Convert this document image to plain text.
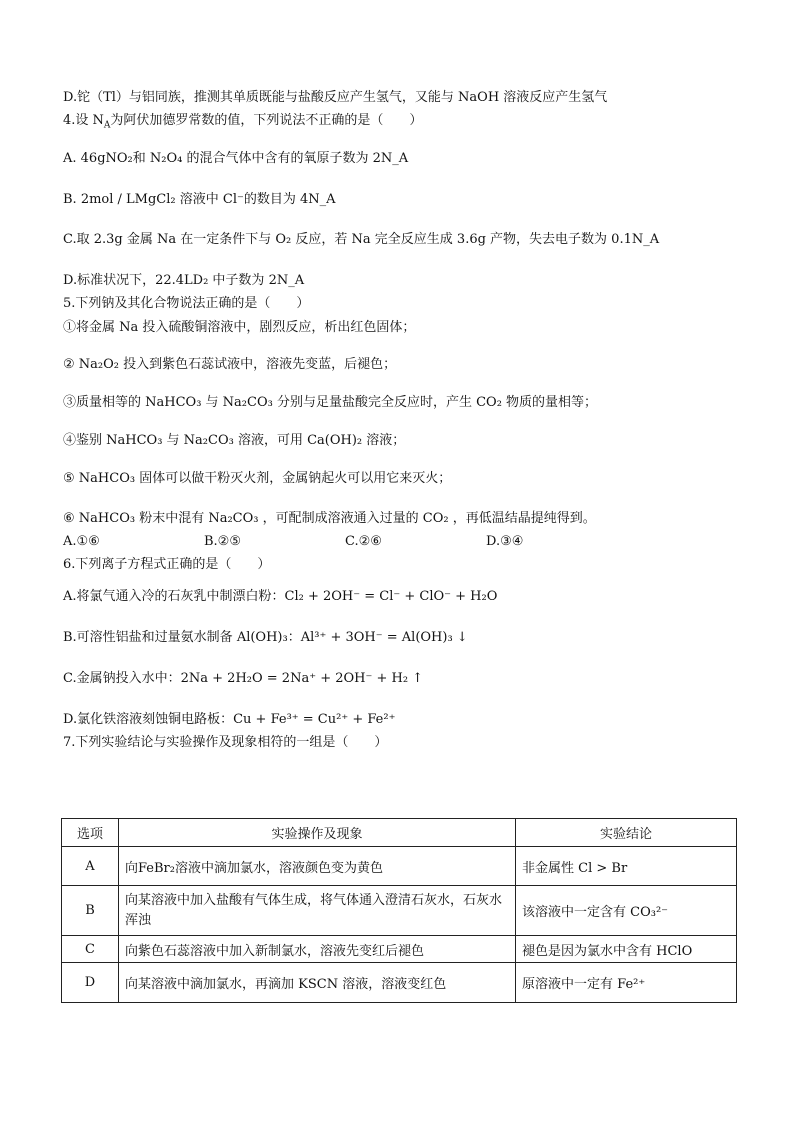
D.铊（Tl）与铝同族，推测其单质既能与盐酸反应产生氢气，又能与 NaOH 溶液反应产生氢气
4.设 $N_A$为阿伏加德罗常数的值，下列说法不正确的是（　　）
A. 46gNO₂和 N₂O₄ 的混合气体中含有的氧原子数为 2N_A
B. 2mol / LMgCl₂ 溶液中 Cl⁻的数目为 4N_A
C.取 2.3g 金属 Na 在一定条件下与 O₂ 反应，若 Na 完全反应生成 3.6g 产物，失去电子数为 0.1N_A
D.标准状况下，22.4LD₂ 中子数为 2N_A
5.下列钠及其化合物说法正确的是（　　）
①将金属 Na 投入硫酸铜溶液中，剧烈反应，析出红色固体；
② Na₂O₂ 投入到紫色石蕊试液中，溶液先变蓝，后褪色；
③质量相等的 NaHCO₃ 与 Na₂CO₃ 分别与足量盐酸完全反应时，产生 CO₂ 物质的量相等；
④鉴别 NaHCO₃ 与 Na₂CO₃ 溶液，可用 Ca(OH)₂ 溶液；
⑤ NaHCO₃ 固体可以做干粉灭火剂，金属钠起火可以用它来灭火；
⑥ NaHCO₃ 粉末中混有 Na₂CO₃ ，可配制成溶液通入过量的 CO₂ ，再低温结晶提纯得到。
A.①⑥	B.②⑤	C.②⑥	D.③④
6.下列离子方程式正确的是（　　）
A.将氯气通入冷的石灰乳中制漂白粉：Cl₂ + 2OH⁻ = Cl⁻ + ClO⁻ + H₂O
B.可溶性铝盐和过量氨水制备 Al(OH)₃：Al³⁺ + 3OH⁻ = Al(OH)₃ ↓
C.金属钠投入水中：2Na + 2H₂O = 2Na⁺ + 2OH⁻ + H₂ ↑
D.氯化铁溶液刻蚀铜电路板：Cu + Fe³⁺ = Cu²⁺ + Fe²⁺
7.下列实验结论与实验操作及现象相符的一组是（　　）
选项	实验操作及现象	实验结论
A	向FeBr₂溶液中滴加氯水，溶液颜色变为黄色	非金属性 Cl > Br
B	向某溶液中加入盐酸有气体生成，将气体通入澄清石灰水，石灰水浑浊	该溶液中一定含有 CO₃²⁻
C	向紫色石蕊溶液中加入新制氯水，溶液先变红后褪色	褪色是因为氯水中含有 HClO
D	向某溶液中滴加氯水，再滴加 KSCN 溶液，溶液变红色	原溶液中一定有 Fe²⁺
